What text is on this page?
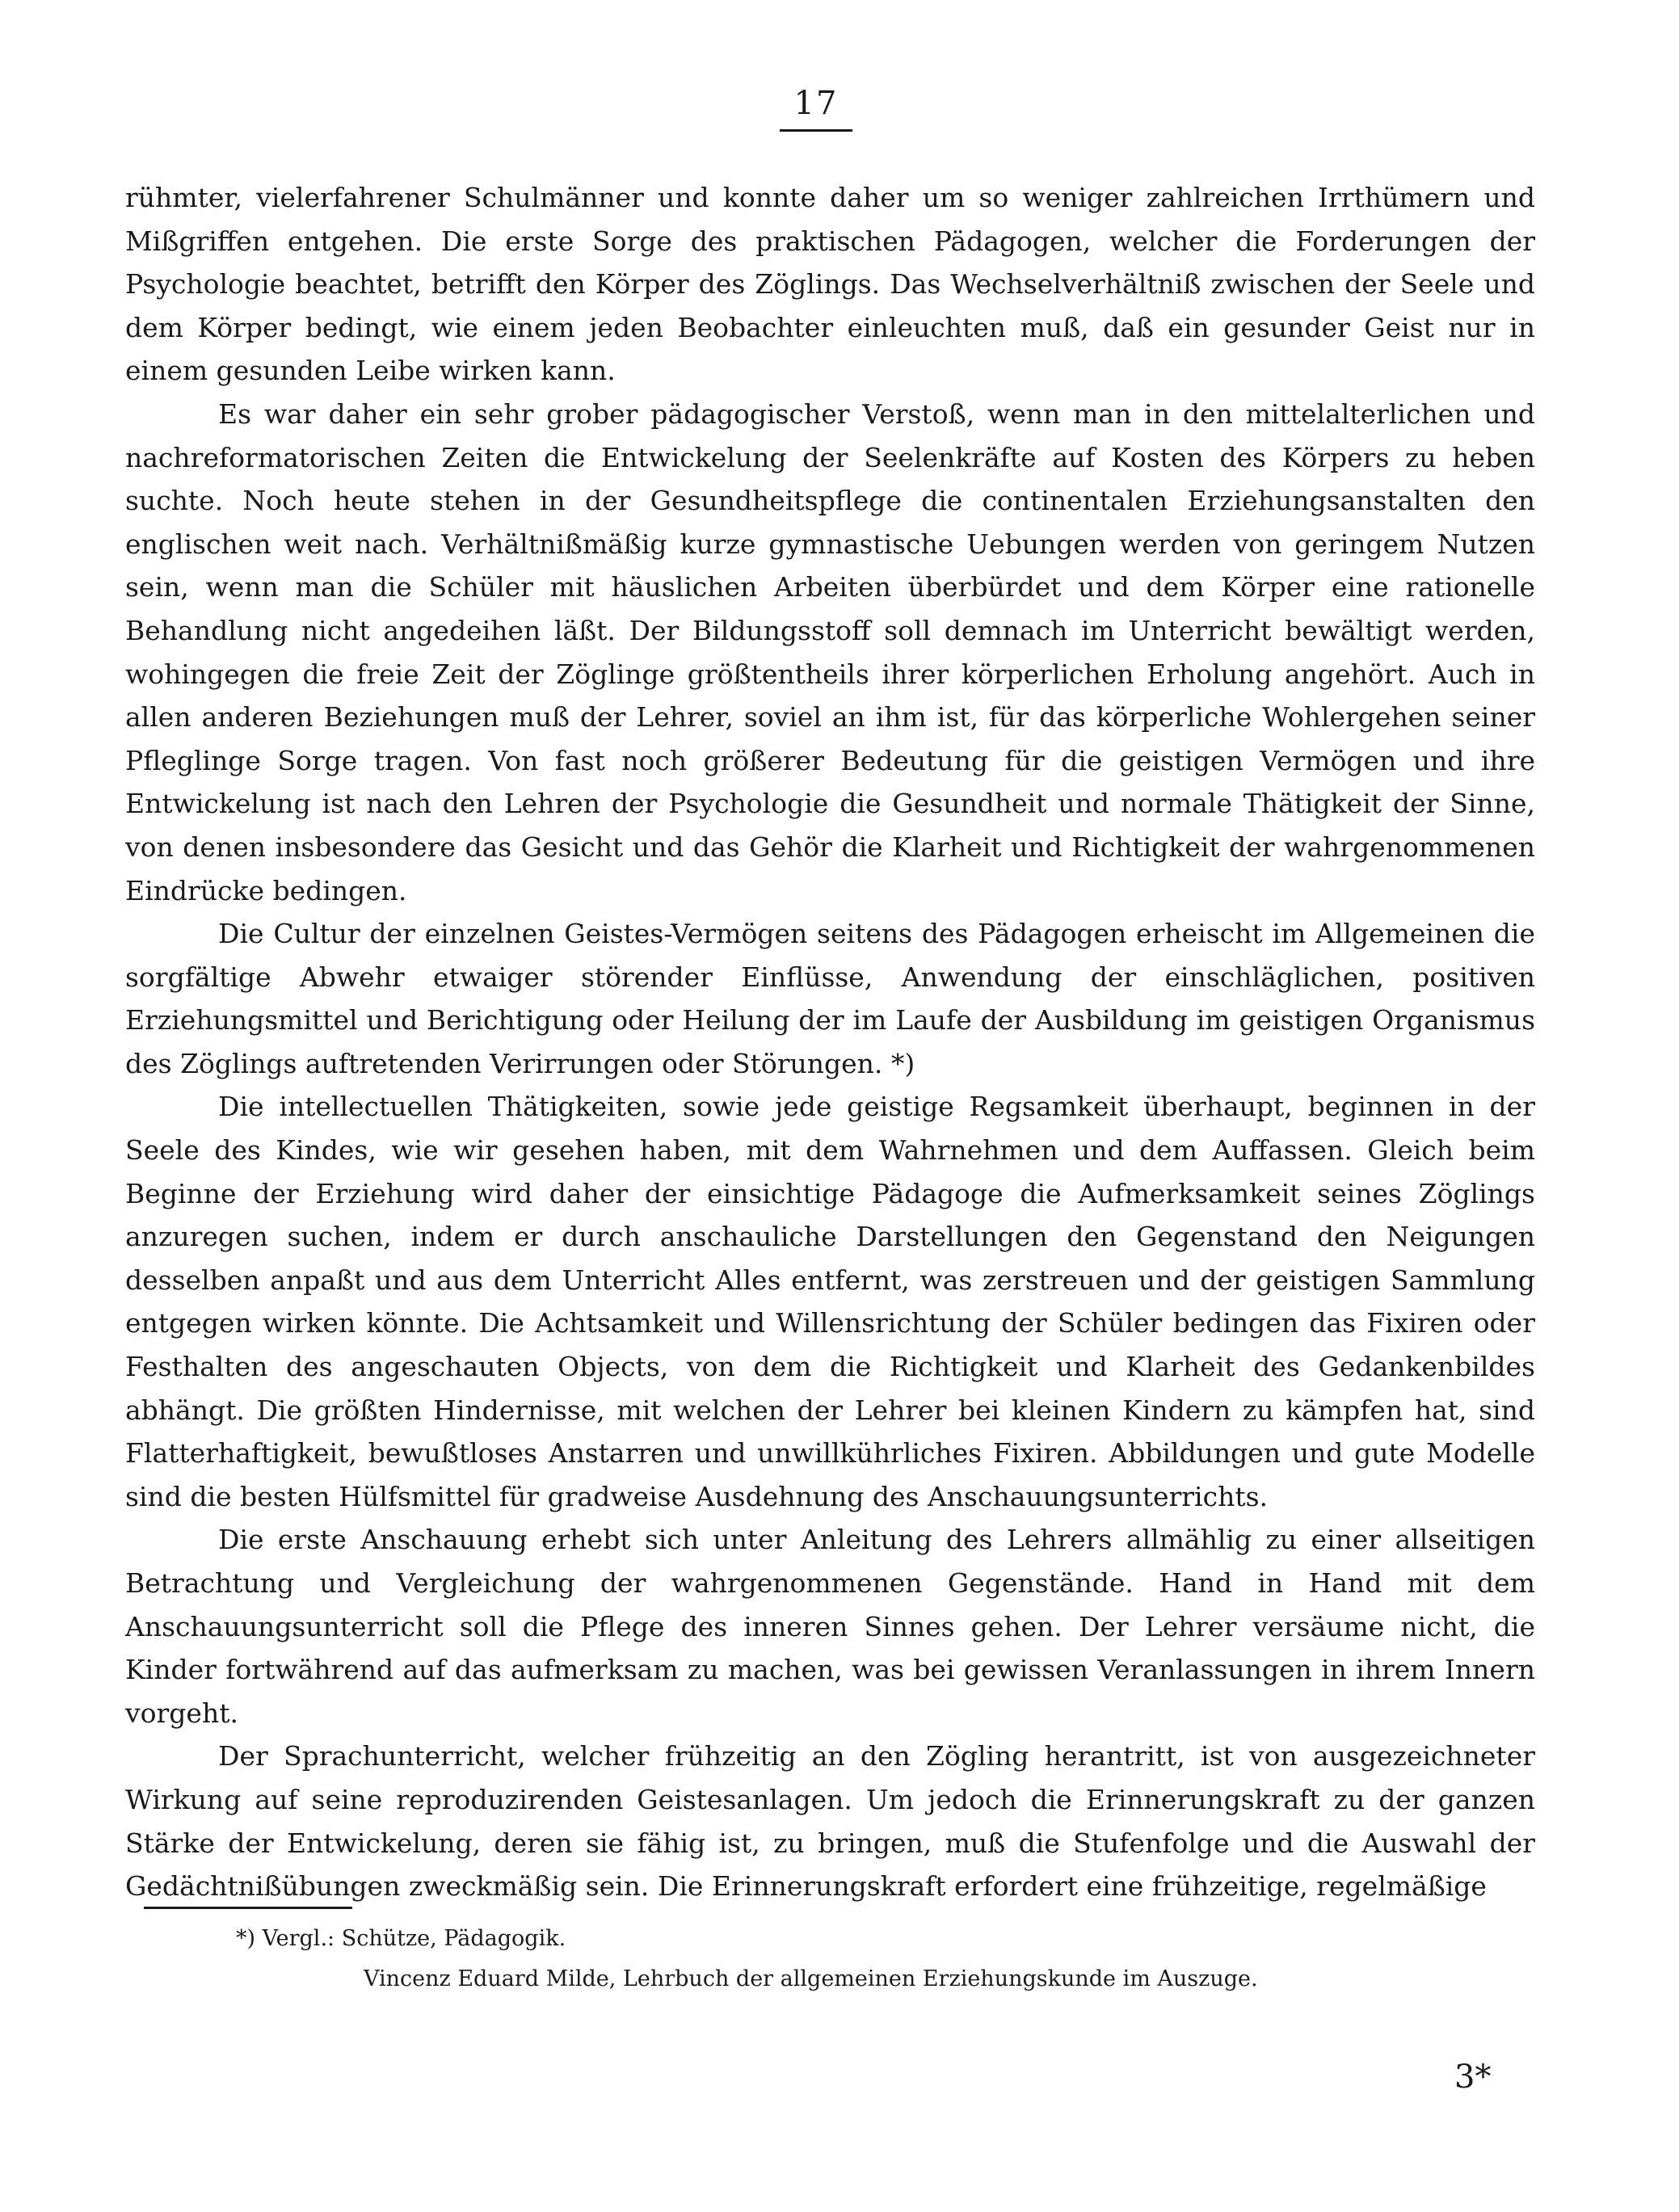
17

rühmter, vielerfahrener Schulmänner und konnte daher um so weniger zahlreichen Irrthümern und Mißgriffen entgehen. Die erste Sorge des praktischen Pädagogen, welcher die Forderungen der Psychologie beachtet, betrifft den Körper des Zöglings. Das Wechselverhältniß zwischen der Seele und dem Körper bedingt, wie einem jeden Beobachter einleuchten muß, daß ein gesunder Geist nur in einem gesunden Leibe wirken kann.

Es war daher ein sehr grober pädagogischer Verstoß, wenn man in den mittelalterlichen und nachreformatorischen Zeiten die Entwickelung der Seelenkräfte auf Kosten des Körpers zu heben suchte. Noch heute stehen in der Gesundheitspflege die continentalen Erziehungsanstalten den englischen weit nach. Verhältnißmäßig kurze gymnastische Uebungen werden von geringem Nutzen sein, wenn man die Schüler mit häuslichen Arbeiten überbürdet und dem Körper eine rationelle Behandlung nicht angedeihen läßt. Der Bildungsstoff soll demnach im Unterricht bewältigt werden, wohingegen die freie Zeit der Zöglinge größtentheils ihrer körperlichen Erholung angehört. Auch in allen anderen Beziehungen muß der Lehrer, soviel an ihm ist, für das körperliche Wohlergehen seiner Pfleglinge Sorge tragen. Von fast noch größerer Bedeutung für die geistigen Vermögen und ihre Entwickelung ist nach den Lehren der Psychologie die Gesundheit und normale Thätigkeit der Sinne, von denen insbesondere das Gesicht und das Gehör die Klarheit und Richtigkeit der wahrgenommenen Eindrücke bedingen.

Die Cultur der einzelnen Geistes-Vermögen seitens des Pädagogen erheischt im Allgemeinen die sorgfältige Abwehr etwaiger störender Einflüsse, Anwendung der einschläglichen, positiven Erziehungsmittel und Berichtigung oder Heilung der im Laufe der Ausbildung im geistigen Organismus des Zöglings auftretenden Verirrungen oder Störungen. *)

Die intellectuellen Thätigkeiten, sowie jede geistige Regsamkeit überhaupt, beginnen in der Seele des Kindes, wie wir gesehen haben, mit dem Wahrnehmen und dem Auffassen. Gleich beim Beginne der Erziehung wird daher der einsichtige Pädagoge die Aufmerksamkeit seines Zöglings anzuregen suchen, indem er durch anschauliche Darstellungen den Gegenstand den Neigungen desselben anpaßt und aus dem Unterricht Alles entfernt, was zerstreuen und der geistigen Sammlung entgegen wirken könnte. Die Achtsamkeit und Willensrichtung der Schüler bedingen das Fixiren oder Festhalten des angeschauten Objects, von dem die Richtigkeit und Klarheit des Gedankenbildes abhängt. Die größten Hindernisse, mit welchen der Lehrer bei kleinen Kindern zu kämpfen hat, sind Flatterhaftigkeit, bewußtloses Anstarren und unwillkührliches Fixiren. Abbildungen und gute Modelle sind die besten Hülfsmittel für gradweise Ausdehnung des Anschauungsunterrichts.

Die erste Anschauung erhebt sich unter Anleitung des Lehrers allmählig zu einer allseitigen Betrachtung und Vergleichung der wahrgenommenen Gegenstände. Hand in Hand mit dem Anschauungsunterricht soll die Pflege des inneren Sinnes gehen. Der Lehrer versäume nicht, die Kinder fortwährend auf das aufmerksam zu machen, was bei gewissen Veranlassungen in ihrem Innern vorgeht.

Der Sprachunterricht, welcher frühzeitig an den Zögling herantritt, ist von ausgezeichneter Wirkung auf seine reproduzirenden Geistesanlagen. Um jedoch die Erinnerungskraft zu der ganzen Stärke der Entwickelung, deren sie fähig ist, zu bringen, muß die Stufenfolge und die Auswahl der Gedächtnißübungen zweckmäßig sein. Die Erinnerungskraft erfordert eine frühzeitige, regelmäßige

*) Vergl.: Schütze, Pädagogik.
Vincenz Eduard Milde, Lehrbuch der allgemeinen Erziehungskunde im Auszuge.
3*
